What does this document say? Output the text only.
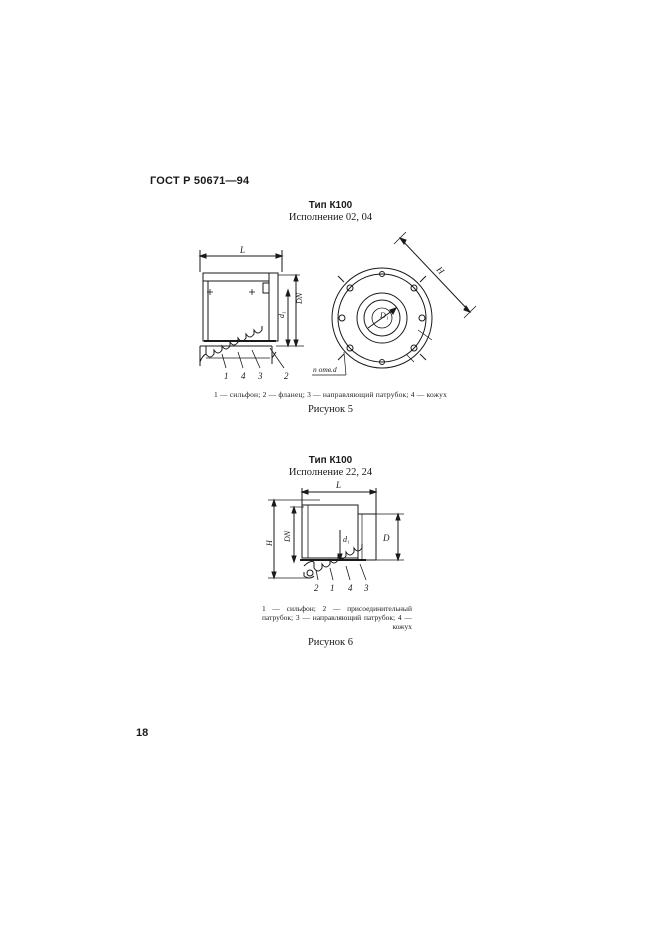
ГОСТ Р 50671—94
Тип К100
Исполнение 02, 04
L
d₁
DN
1 4 3 2
D₁
H
n отв.d
1 — сильфон; 2 — фланец; 3 — направляющий патрубок; 4 — кожух
Рисунок 5
Тип К100
Исполнение 22, 24
L
H
DN	d₁	D
2 1 4 3
1 — сильфон; 2 — присоединительный патрубок; 3 — направляющий патрубок; 4 — кожух
Рисунок 6
18
